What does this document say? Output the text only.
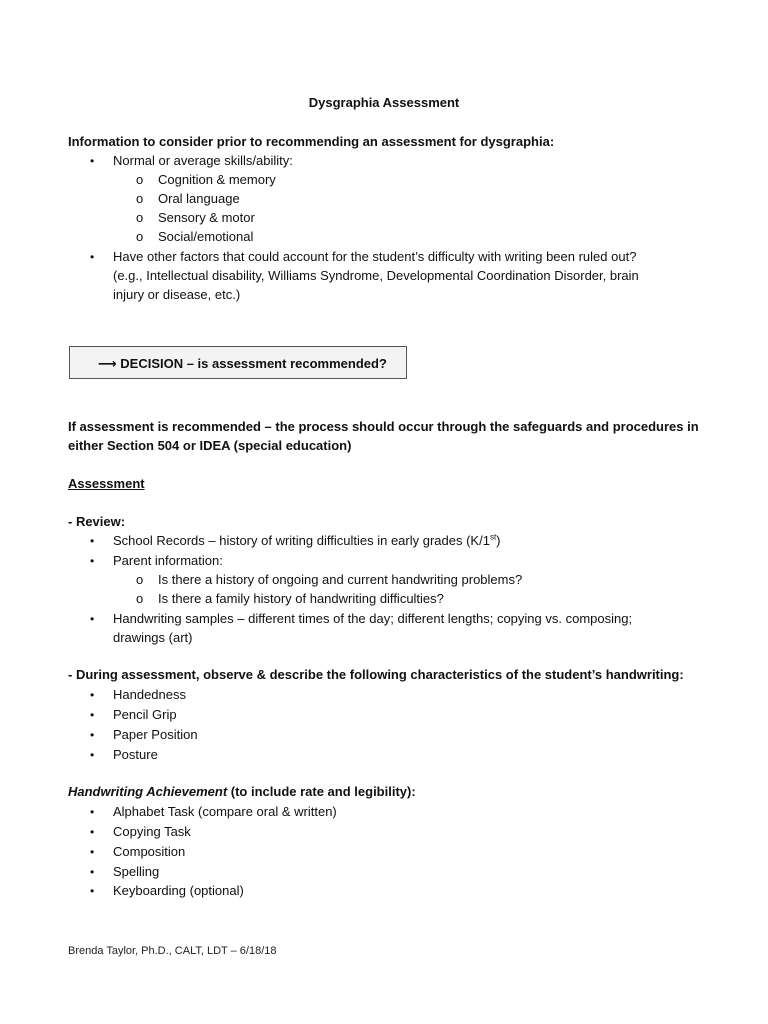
Dysgraphia Assessment
Information to consider prior to recommending an assessment for dysgraphia:
• Normal or average skills/ability:
o Cognition & memory
o Oral language
o Sensory & motor
o Social/emotional
• Have other factors that could account for the student’s difficulty with writing been ruled out?
(e.g., Intellectual disability, Williams Syndrome, Developmental Coordination Disorder, brain
injury or disease, etc.)
⟶ DECISION – is assessment recommended?
If assessment is recommended – the process should occur through the safeguards and procedures in
either Section 504 or IDEA (special education)
Assessment
- Review:
• School Records – history of writing difficulties in early grades (K/1st)
• Parent information:
o Is there a history of ongoing and current handwriting problems?
o Is there a family history of handwriting difficulties?
• Handwriting samples – different times of the day; different lengths; copying vs. composing;
drawings (art)
- During assessment, observe & describe the following characteristics of the student’s handwriting:
• Handedness
• Pencil Grip
• Paper Position
• Posture
Handwriting Achievement (to include rate and legibility):
• Alphabet Task (compare oral & written)
• Copying Task
• Composition
• Spelling
• Keyboarding (optional)
Brenda Taylor, Ph.D., CALT, LDT – 6/18/18
